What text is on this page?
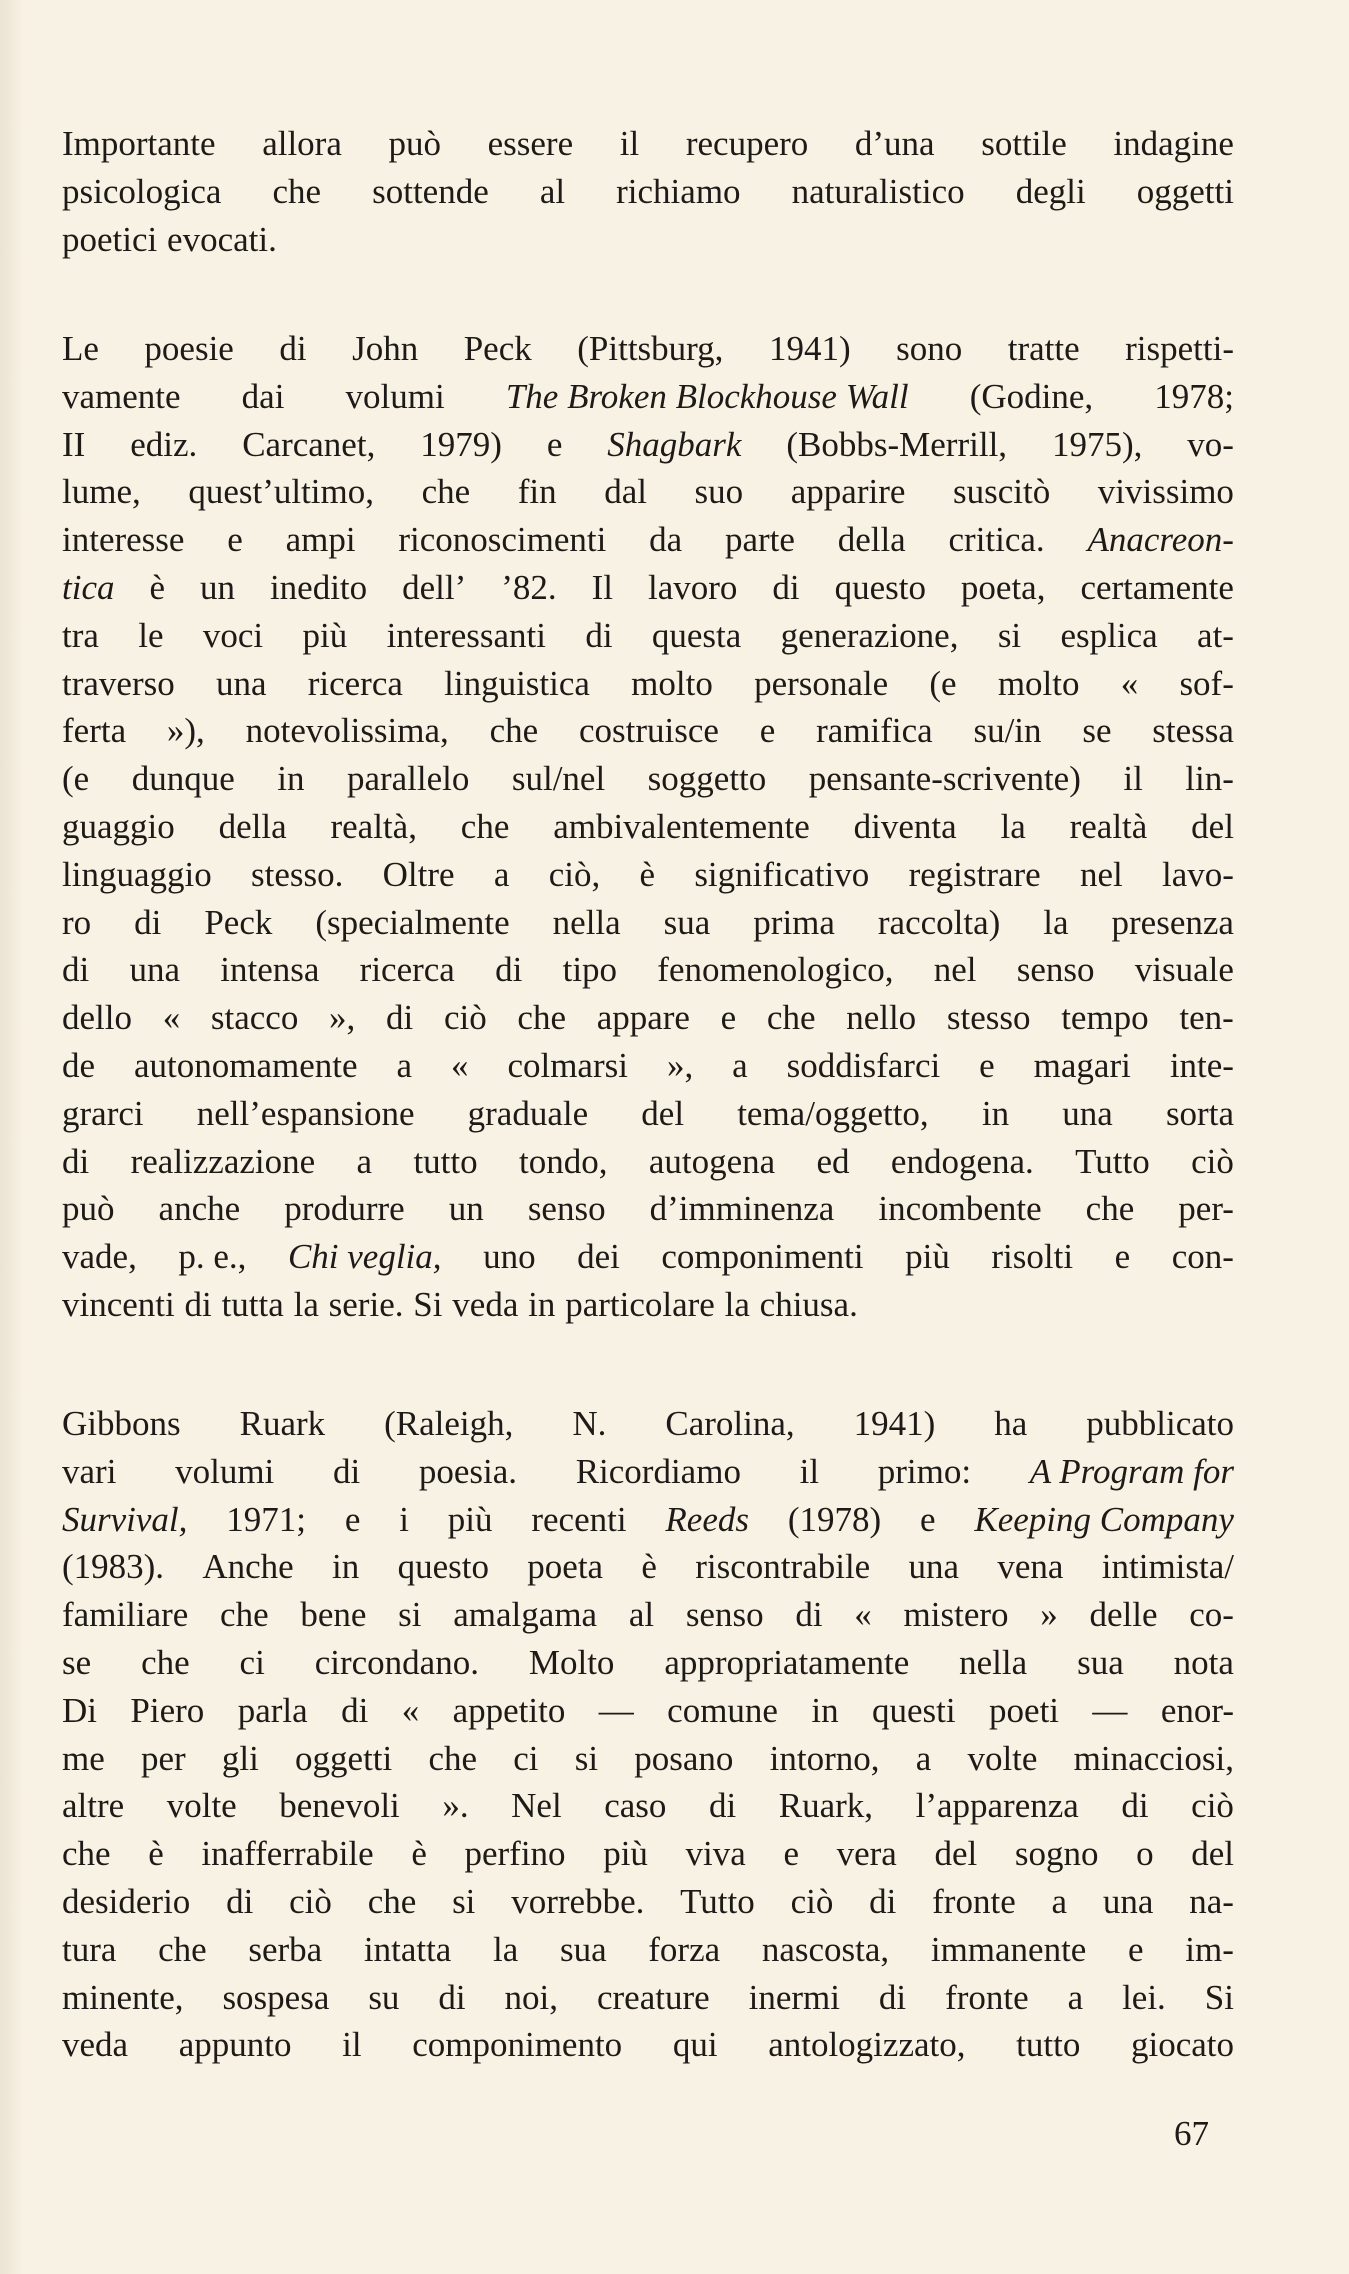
Importante allora può essere il recupero d’una sottile indagine
psicologica che sottende al richiamo naturalistico degli oggetti
poetici evocati.
Le poesie di John Peck (Pittsburg, 1941) sono tratte rispetti-
vamente dai volumi The Broken Blockhouse Wall (Godine, 1978;
II ediz. Carcanet, 1979) e Shagbark (Bobbs-Merrill, 1975), vo-
lume, quest’ultimo, che fin dal suo apparire suscitò vivissimo
interesse e ampi riconoscimenti da parte della critica. Anacreon-
tica è un inedito dell’ ’82. Il lavoro di questo poeta, certamente
tra le voci più interessanti di questa generazione, si esplica at-
traverso una ricerca linguistica molto personale (e molto « sof-
ferta »), notevolissima, che costruisce e ramifica su/in se stessa
(e dunque in parallelo sul/nel soggetto pensante-scrivente) il lin-
guaggio della realtà, che ambivalentemente diventa la realtà del
linguaggio stesso. Oltre a ciò, è significativo registrare nel lavo-
ro di Peck (specialmente nella sua prima raccolta) la presenza
di una intensa ricerca di tipo fenomenologico, nel senso visuale
dello « stacco », di ciò che appare e che nello stesso tempo ten-
de autonomamente a « colmarsi », a soddisfarci e magari inte-
grarci nell’espansione graduale del tema/oggetto, in una sorta
di realizzazione a tutto tondo, autogena ed endogena. Tutto ciò
può anche produrre un senso d’imminenza incombente che per-
vade, p. e., Chi veglia, uno dei componimenti più risolti e con-
vincenti di tutta la serie. Si veda in particolare la chiusa.
Gibbons Ruark (Raleigh, N. Carolina, 1941) ha pubblicato
vari volumi di poesia. Ricordiamo il primo: A Program for
Survival, 1971; e i più recenti Reeds (1978) e Keeping Company
(1983). Anche in questo poeta è riscontrabile una vena intimista/
familiare che bene si amalgama al senso di « mistero » delle co-
se che ci circondano. Molto appropriatamente nella sua nota
Di Piero parla di « appetito — comune in questi poeti — enor-
me per gli oggetti che ci si posano intorno, a volte minacciosi,
altre volte benevoli ». Nel caso di Ruark, l’apparenza di ciò
che è inafferrabile è perfino più viva e vera del sogno o del
desiderio di ciò che si vorrebbe. Tutto ciò di fronte a una na-
tura che serba intatta la sua forza nascosta, immanente e im-
minente, sospesa su di noi, creature inermi di fronte a lei. Si
veda appunto il componimento qui antologizzato, tutto giocato
67
